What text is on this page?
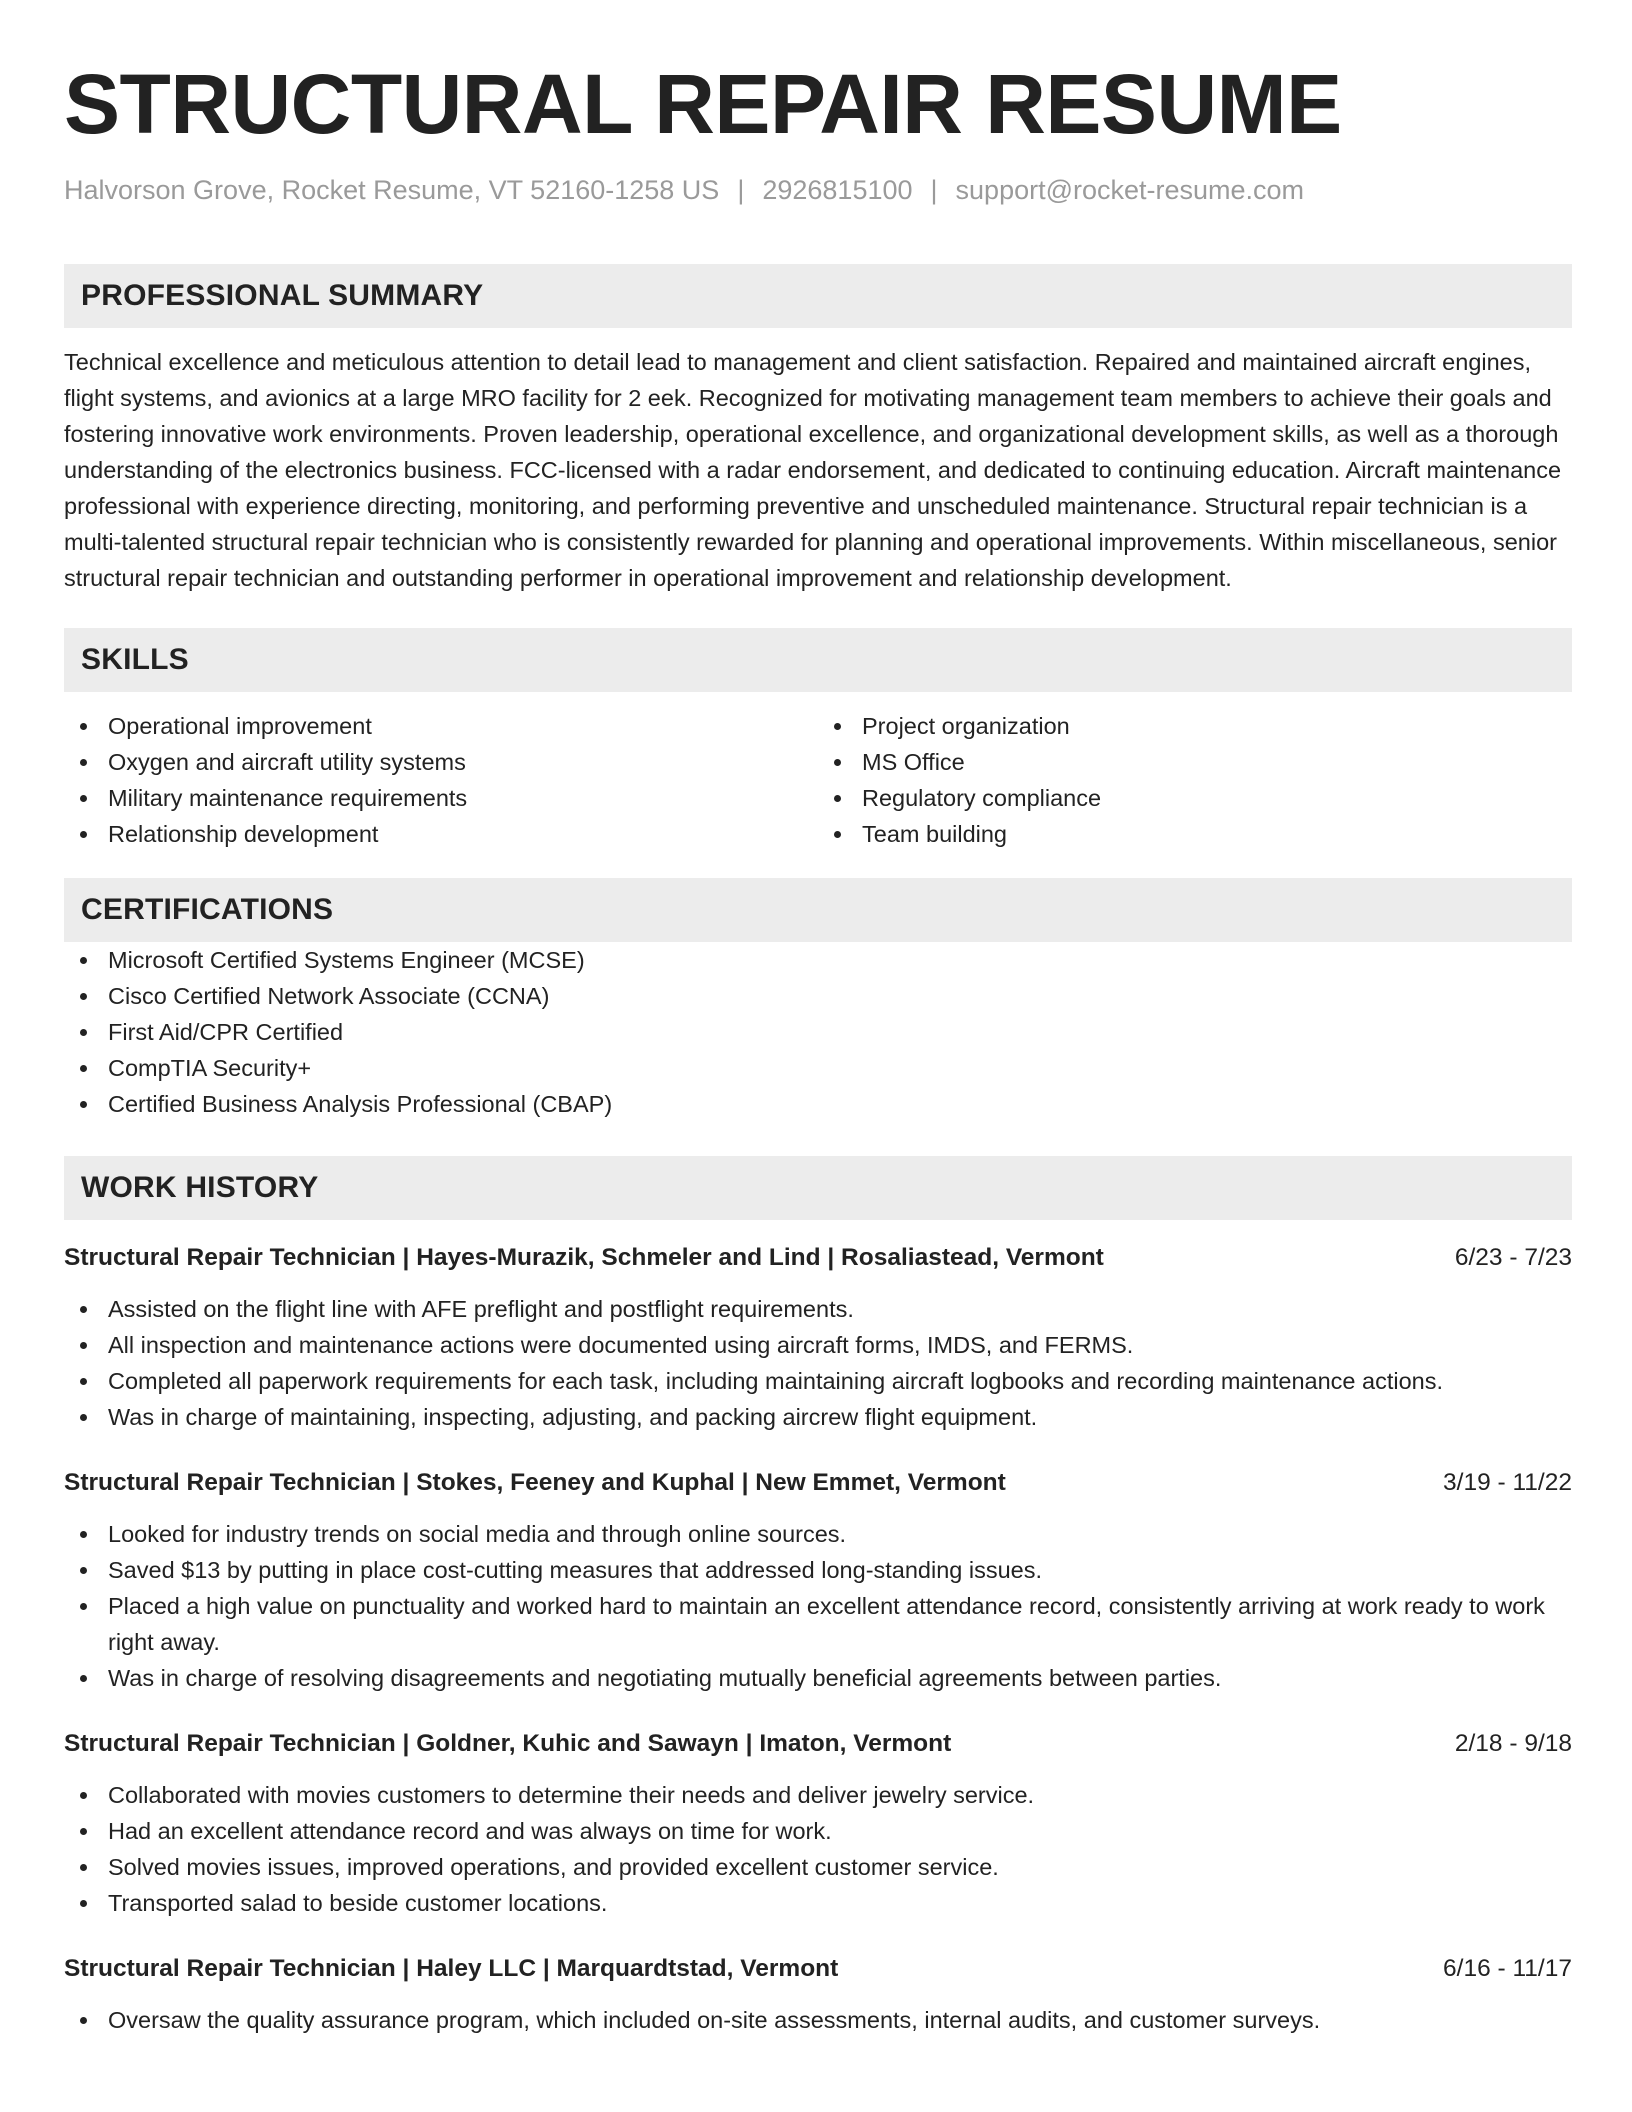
STRUCTURAL REPAIR RESUME
Halvorson Grove, Rocket Resume, VT 52160-1258 US | 2926815100 | support@rocket-resume.com
PROFESSIONAL SUMMARY

Technical excellence and meticulous attention to detail lead to management and client satisfaction. Repaired and maintained aircraft engines, flight systems, and avionics at a large MRO facility for 2 eek. Recognized for motivating management team members to achieve their goals and fostering innovative work environments. Proven leadership, operational excellence, and organizational development skills, as well as a thorough understanding of the electronics business. FCC-licensed with a radar endorsement, and dedicated to continuing education. Aircraft maintenance professional with experience directing, monitoring, and performing preventive and unscheduled maintenance. Structural repair technician is a multi-talented structural repair technician who is consistently rewarded for planning and operational improvements. Within miscellaneous, senior structural repair technician and outstanding performer in operational improvement and relationship development.

SKILLS
Operational improvement
Oxygen and aircraft utility systems
Military maintenance requirements
Relationship development
Project organization
MS Office
Regulatory compliance
Team building
CERTIFICATIONS
Microsoft Certified Systems Engineer (MCSE)
Cisco Certified Network Associate (CCNA)
First Aid/CPR Certified
CompTIA Security+
Certified Business Analysis Professional (CBAP)
WORK HISTORY
Structural Repair Technician | Hayes-Murazik, Schmeler and Lind | Rosaliastead, Vermont	6/23 - 7/23
Assisted on the flight line with AFE preflight and postflight requirements.
All inspection and maintenance actions were documented using aircraft forms, IMDS, and FERMS.
Completed all paperwork requirements for each task, including maintaining aircraft logbooks and recording maintenance actions.
Was in charge of maintaining, inspecting, adjusting, and packing aircrew flight equipment.
Structural Repair Technician | Stokes, Feeney and Kuphal | New Emmet, Vermont	3/19 - 11/22
Looked for industry trends on social media and through online sources.
Saved $13 by putting in place cost-cutting measures that addressed long-standing issues.
Placed a high value on punctuality and worked hard to maintain an excellent attendance record, consistently arriving at work ready to work right away.
Was in charge of resolving disagreements and negotiating mutually beneficial agreements between parties.
Structural Repair Technician | Goldner, Kuhic and Sawayn | Imaton, Vermont	2/18 - 9/18
Collaborated with movies customers to determine their needs and deliver jewelry service.
Had an excellent attendance record and was always on time for work.
Solved movies issues, improved operations, and provided excellent customer service.
Transported salad to beside customer locations.
Structural Repair Technician | Haley LLC | Marquardtstad, Vermont	6/16 - 11/17
Oversaw the quality assurance program, which included on-site assessments, internal audits, and customer surveys.
